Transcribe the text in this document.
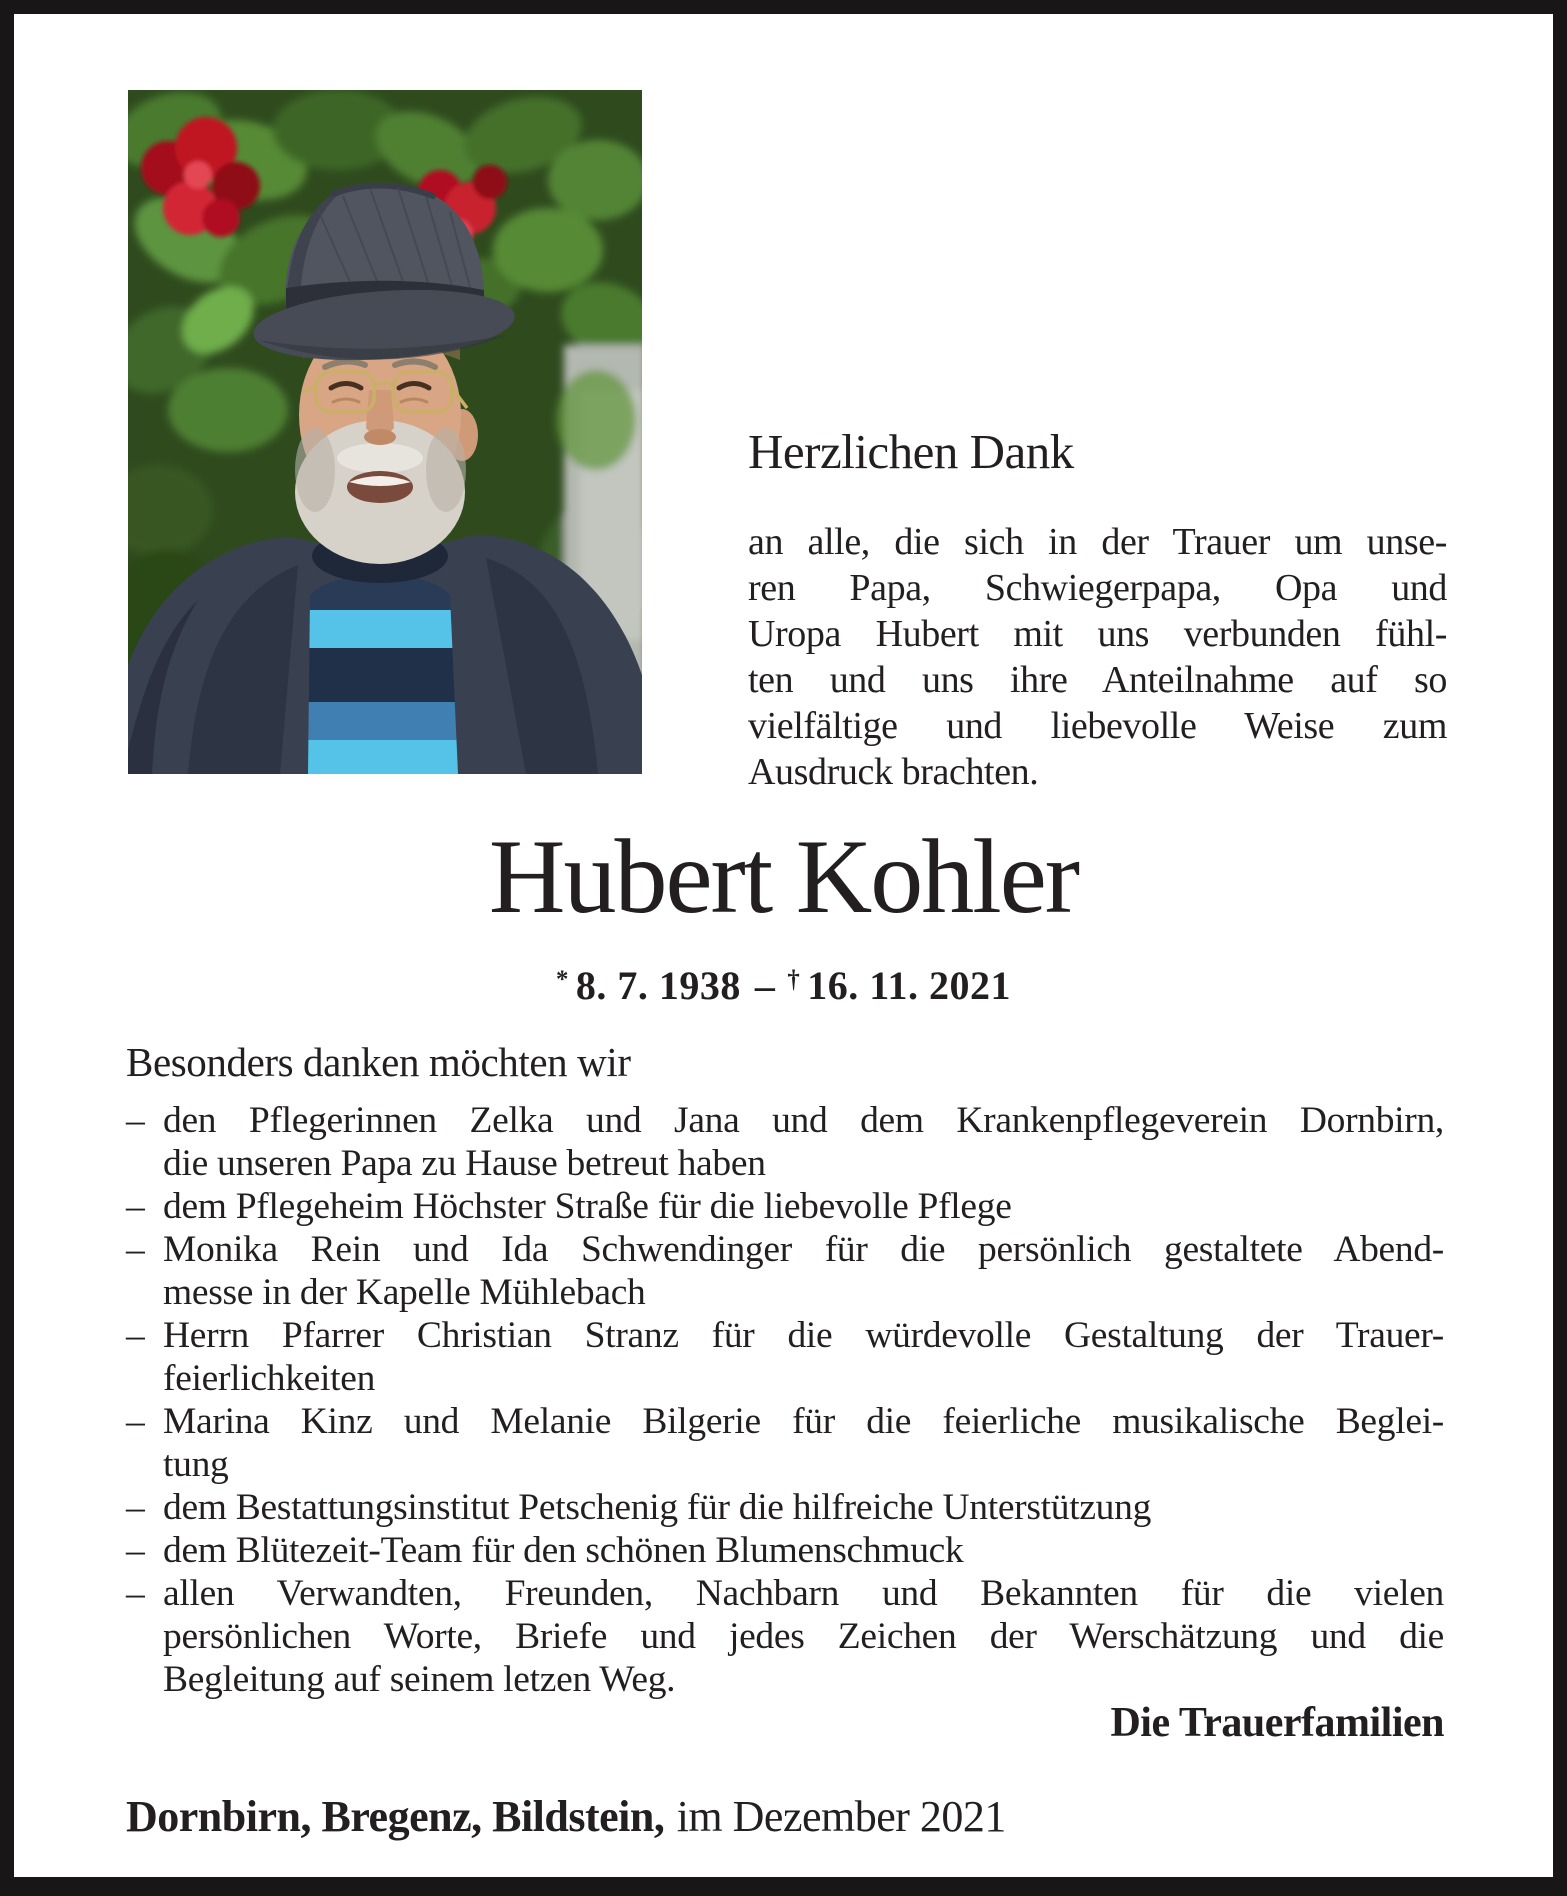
Herzlichen Dank
an alle, die sich in der Trauer um unse-
ren Papa, Schwiegerpapa, Opa und
Uropa Hubert mit uns verbunden fühl-
ten und uns ihre Anteilnahme auf so
vielfältige und liebevolle Weise zum
Ausdruck brachten.
Hubert Kohler
* 8. 7. 1938 – † 16. 11. 2021
Besonders danken möchten wir
– den Pflegerinnen Zelka und Jana und dem Krankenpflegeverein Dornbirn,
die unseren Papa zu Hause betreut haben
– dem Pflegeheim Höchster Straße für die liebevolle Pflege
– Monika Rein und Ida Schwendinger für die persönlich gestaltete Abend-
messe in der Kapelle Mühlebach
– Herrn Pfarrer Christian Stranz für die würdevolle Gestaltung der Trauer-
feierlichkeiten
– Marina Kinz und Melanie Bilgerie für die feierliche musikalische Beglei-
tung
– dem Bestattungsinstitut Petschenig für die hilfreiche Unterstützung
– dem Blütezeit-Team für den schönen Blumenschmuck
– allen Verwandten, Freunden, Nachbarn und Bekannten für die vielen
persönlichen Worte, Briefe und jedes Zeichen der Werschätzung und die
Begleitung auf seinem letzen Weg.
Die Trauerfamilien
Dornbirn, Bregenz, Bildstein, im Dezember 2021
